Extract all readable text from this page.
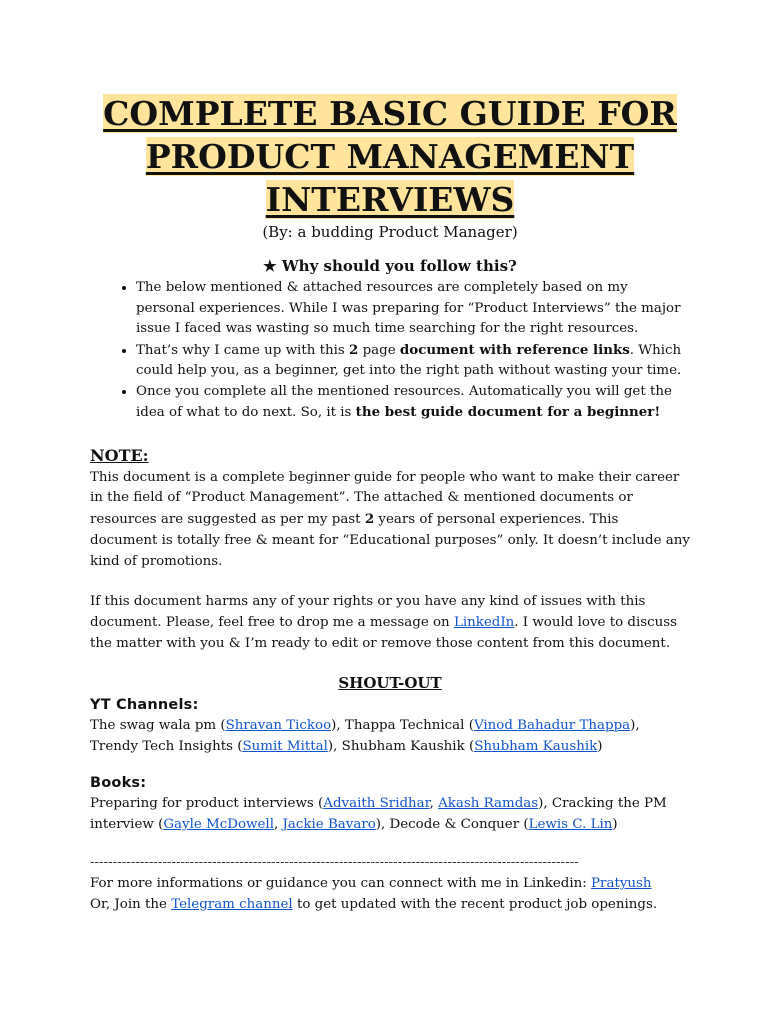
COMPLETE BASIC GUIDE FOR
PRODUCT MANAGEMENT
INTERVIEWS
(By: a budding Product Manager)
★ Why should you follow this?
• The below mentioned & attached resources are completely based on my personal experiences. While I was preparing for “Product Interviews” the major issue I faced was wasting so much time searching for the right resources.
• That’s why I came up with this 2 page document with reference links. Which could help you, as a beginner, get into the right path without wasting your time.
• Once you complete all the mentioned resources. Automatically you will get the idea of what to do next. So, it is the best guide document for a beginner!
NOTE:
This document is a complete beginner guide for people who want to make their career in the field of “Product Management”. The attached & mentioned documents or resources are suggested as per my past 2 years of personal experiences. This document is totally free & meant for “Educational purposes” only. It doesn’t include any kind of promotions.
If this document harms any of your rights or you have any kind of issues with this document. Please, feel free to drop me a message on LinkedIn. I would love to discuss the matter with you & I’m ready to edit or remove those content from this document.
SHOUT-OUT
YT Channels:
The swag wala pm (Shravan Tickoo), Thappa Technical (Vinod Bahadur Thappa), Trendy Tech Insights (Sumit Mittal), Shubham Kaushik (Shubham Kaushik)
Books:
Preparing for product interviews (Advaith Sridhar, Akash Ramdas), Cracking the PM interview (Gayle McDowell, Jackie Bavaro), Decode & Conquer (Lewis C. Lin)
------------------------------------------------------------------------------------------------------------
For more informations or guidance you can connect with me in Linkedin: Pratyush
Or, Join the Telegram channel to get updated with the recent product job openings.
